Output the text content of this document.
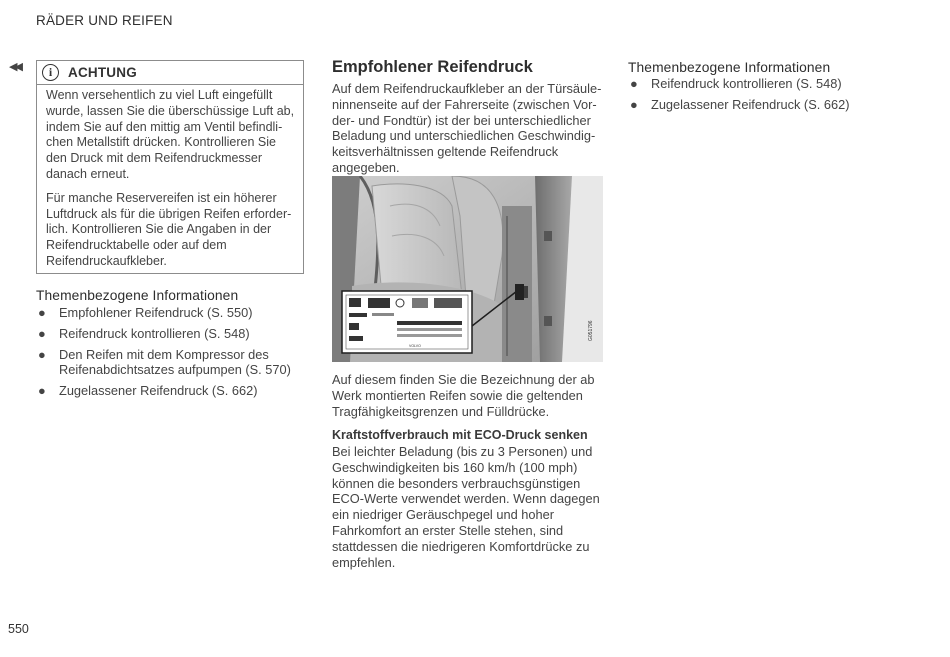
RÄDER UND REIFEN
◀◀	i	ACHTUNG

Wenn versehentlich zu viel Luft eingefüllt wurde, lassen Sie die überschüssige Luft ab, indem Sie auf den mittig am Ventil befindlichen Metallstift drücken. Kontrollieren Sie den Druck mit dem Reifendruckmesser danach erneut.

Für manche Reservereifen ist ein höherer Luftdruck als für die übrigen Reifen erforderlich. Kontrollieren Sie die Angaben in der Reifendrucktabelle oder auf dem Reifendruckaufkleber.

Themenbezogene Informationen
● Empfohlener Reifendruck (S. 550)
● Reifendruck kontrollieren (S. 548)
● Den Reifen mit dem Kompressor des Reifenabdichtsatzes aufpumpen (S. 570)
● Zugelassener Reifendruck (S. 662)
Empfohlener Reifendruck

Auf dem Reifendruckaufkleber an der Türsäuleninnenseite auf der Fahrerseite (zwischen Vorder- und Fondtür) ist der bei unterschiedlicher Beladung und unterschiedlichen Geschwindigkeitsverhältnissen geltende Reifendruck angegeben.

VOLVO
G051796

Auf diesem finden Sie die Bezeichnung der ab Werk montierten Reifen sowie die geltenden Tragfähigkeitsgrenzen und Fülldrücke.

Kraftstoffverbrauch mit ECO-Druck senken

Bei leichter Beladung (bis zu 3 Personen) und Geschwindigkeiten bis 160 km/h (100 mph) können die besonders verbrauchsgünstigen ECO-Werte verwendet werden. Wenn dagegen ein niedriger Geräuschpegel und hoher Fahrkomfort an erster Stelle stehen, sind stattdessen die niedrigeren Komfortdrücke zu empfehlen.

Themenbezogene Informationen
● Reifendruck kontrollieren (S. 548)
● Zugelassener Reifendruck (S. 662)
550
